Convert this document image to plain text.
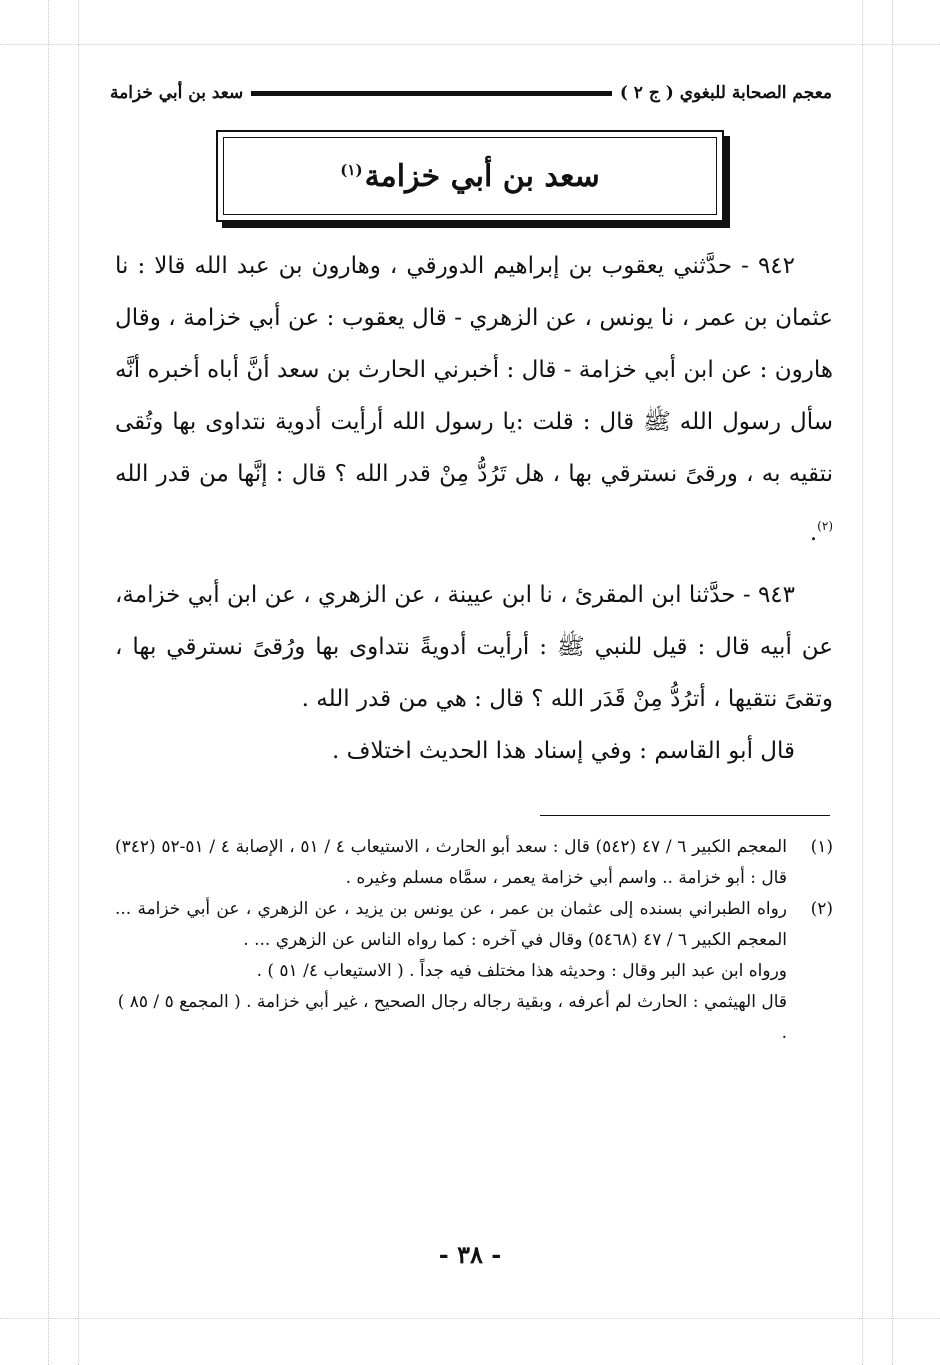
معجم الصحابة للبغوي ( ج ٢ )
سعد بن أبي خزامة
سعد بن أبي خزامة$^{(١)}$

٩٤٢ - حدَّثني يعقوب بن إبراهيم الدورقي ، وهارون بن عبد الله قالا : نا عثمان بن عمر ، نا يونس ، عن الزهري - قال يعقوب : عن أبي خزامة ، وقال هارون : عن ابن أبي خزامة - قال : أخبرني الحارث بن سعد أنَّ أباه أخبره أنَّه سأل رسول الله ﷺ قال : قلت :يا رسول الله أرأيت أدوية نتداوى بها وتُقى نتقيه به ، ورقىً نسترقي بها ، هل تَرُدُّ مِنْ قدر الله ؟ قال : إنَّها من قدر الله $^{(٢)}$.

٩٤٣ - حدَّثنا ابن المقرئ ، نا ابن عيينة ، عن الزهري ، عن ابن أبي خزامة، عن أبيه قال : قيل للنبي ﷺ : أرأيت أدويةً نتداوى بها ورُقىً نسترقي بها ، وتقىً نتقيها ، أترُدُّ مِنْ قَدَر الله ؟ قال : هي من قدر الله .

قال أبو القاسم : وفي إسناد هذا الحديث اختلاف .

(١)
المعجم الكبير ٦ / ٤٧ (٥٤٢) قال : سعد أبو الحارث ، الاستيعاب ٤ / ٥١ ، الإصابة ٤ / ٥١-٥٢ (٣٤٢) قال : أبو خزامة .. واسم أبي خزامة يعمر ، سمَّاه مسلم وغيره .
(٢)
رواه الطبراني بسنده إلى عثمان بن عمر ، عن يونس بن يزيد ، عن الزهري ، عن أبي خزامة ... المعجم الكبير ٦ / ٤٧ (٥٤٦٨) وقال في آخره : كما رواه الناس عن الزهري ... .
ورواه ابن عبد البر وقال : وحديثه هذا مختلف فيه جداً . ( الاستيعاب ٤/ ٥١ ) .
قال الهيثمي : الحارث لم أعرفه ، وبقية رجاله رجال الصحيح ، غير أبي خزامة . ( المجمع ٥ / ٨٥ ) .
- ٣٨ -
